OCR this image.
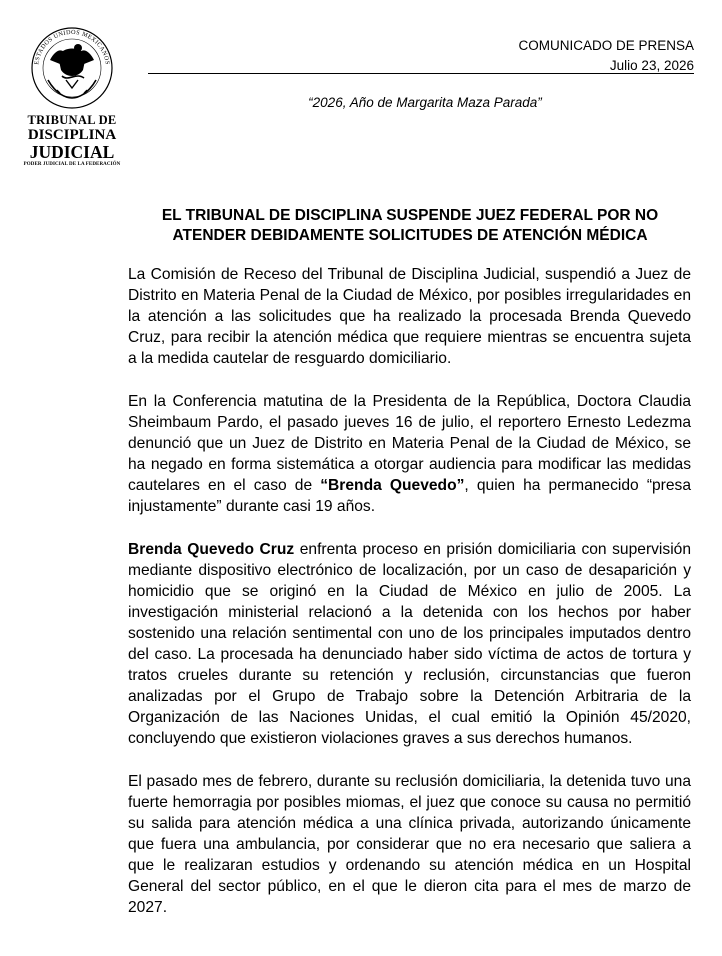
ESTADOS UNIDOS MEXICANOS
TRIBUNAL DE
DISCIPLINA
JUDICIAL
PODER JUDICIAL DE LA FEDERACIÓN
COMUNICADO DE PRENSA
Julio 23, 2026
“2026, Año de Margarita Maza Parada”
EL TRIBUNAL DE DISCIPLINA SUSPENDE JUEZ FEDERAL POR NO
ATENDER DEBIDAMENTE SOLICITUDES DE ATENCIÓN MÉDICA

La Comisión de Receso del Tribunal de Disciplina Judicial, suspendió a Juez de Distrito en Materia Penal de la Ciudad de México, por posibles irregularidades en la atención a las solicitudes que ha realizado la procesada Brenda Quevedo Cruz, para recibir la atención médica que requiere mientras se encuentra sujeta a la medida cautelar de resguardo domiciliario.

En la Conferencia matutina de la Presidenta de la República, Doctora Claudia Sheimbaum Pardo, el pasado jueves 16 de julio, el reportero Ernesto Ledezma denunció que un Juez de Distrito en Materia Penal de la Ciudad de México, se ha negado en forma sistemática a otorgar audiencia para modificar las medidas cautelares en el caso de “Brenda Quevedo”, quien ha permanecido “presa injustamente” durante casi 19 años.

Brenda Quevedo Cruz enfrenta proceso en prisión domiciliaria con supervisión mediante dispositivo electrónico de localización, por un caso de desaparición y homicidio que se originó en la Ciudad de México en julio de 2005. La investigación ministerial relacionó a la detenida con los hechos por haber sostenido una relación sentimental con uno de los principales imputados dentro del caso. La procesada ha denunciado haber sido víctima de actos de tortura y tratos crueles durante su retención y reclusión, circunstancias que fueron analizadas por el Grupo de Trabajo sobre la Detención Arbitraria de la Organización de las Naciones Unidas, el cual emitió la Opinión 45/2020, concluyendo que existieron violaciones graves a sus derechos humanos.

El pasado mes de febrero, durante su reclusión domiciliaria, la detenida tuvo una fuerte hemorragia por posibles miomas, el juez que conoce su causa no permitió su salida para atención médica a una clínica privada, autorizando únicamente que fuera una ambulancia, por considerar que no era necesario que saliera a que le realizaran estudios y ordenando su atención médica en un Hospital General del sector público, en el que le dieron cita para el mes de marzo de 2027.
